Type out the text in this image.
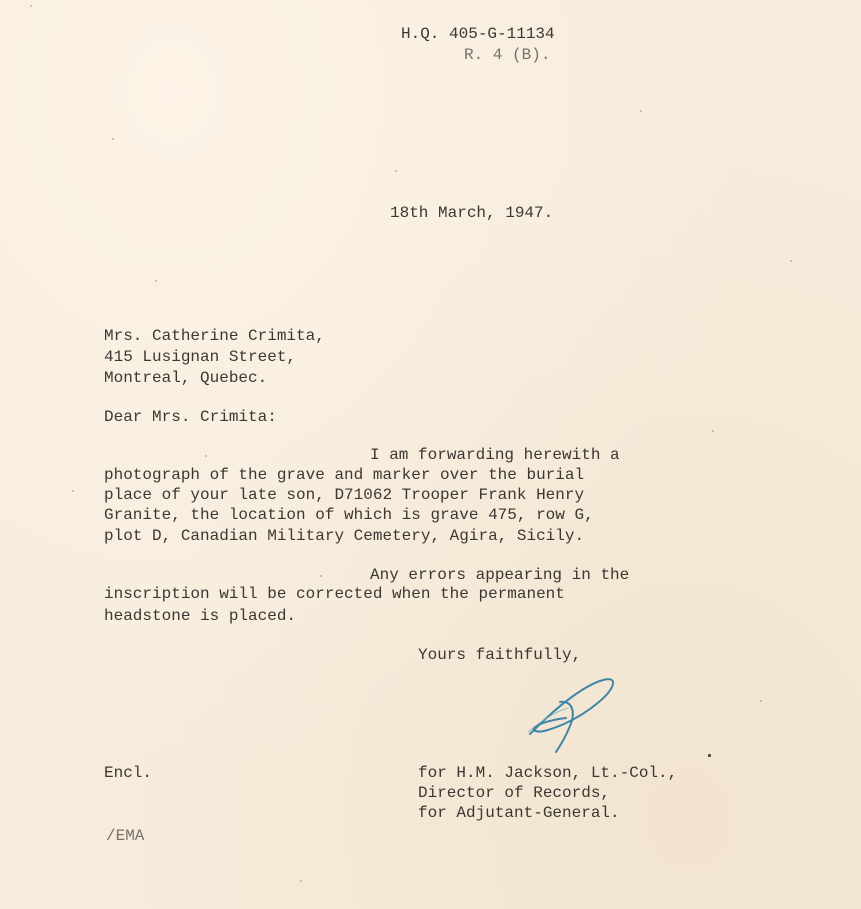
H.Q. 405-G-11134
R. 4 (B).
18th March, 1947.
Mrs. Catherine Crimita,
415 Lusignan Street,
Montreal, Quebec.
Dear Mrs. Crimita:
I am forwarding herewith a
photograph of the grave and marker over the burial
place of your late son, D71062 Trooper Frank Henry
Granite, the location of which is grave 475, row G,
plot D, Canadian Military Cemetery, Agira, Sicily.
Any errors appearing in the
inscription will be corrected when the permanent
headstone is placed.
Yours faithfully,
Encl.	for H.M. Jackson, Lt.-Col.,
Director of Records,
for Adjutant-General.
/EMA
